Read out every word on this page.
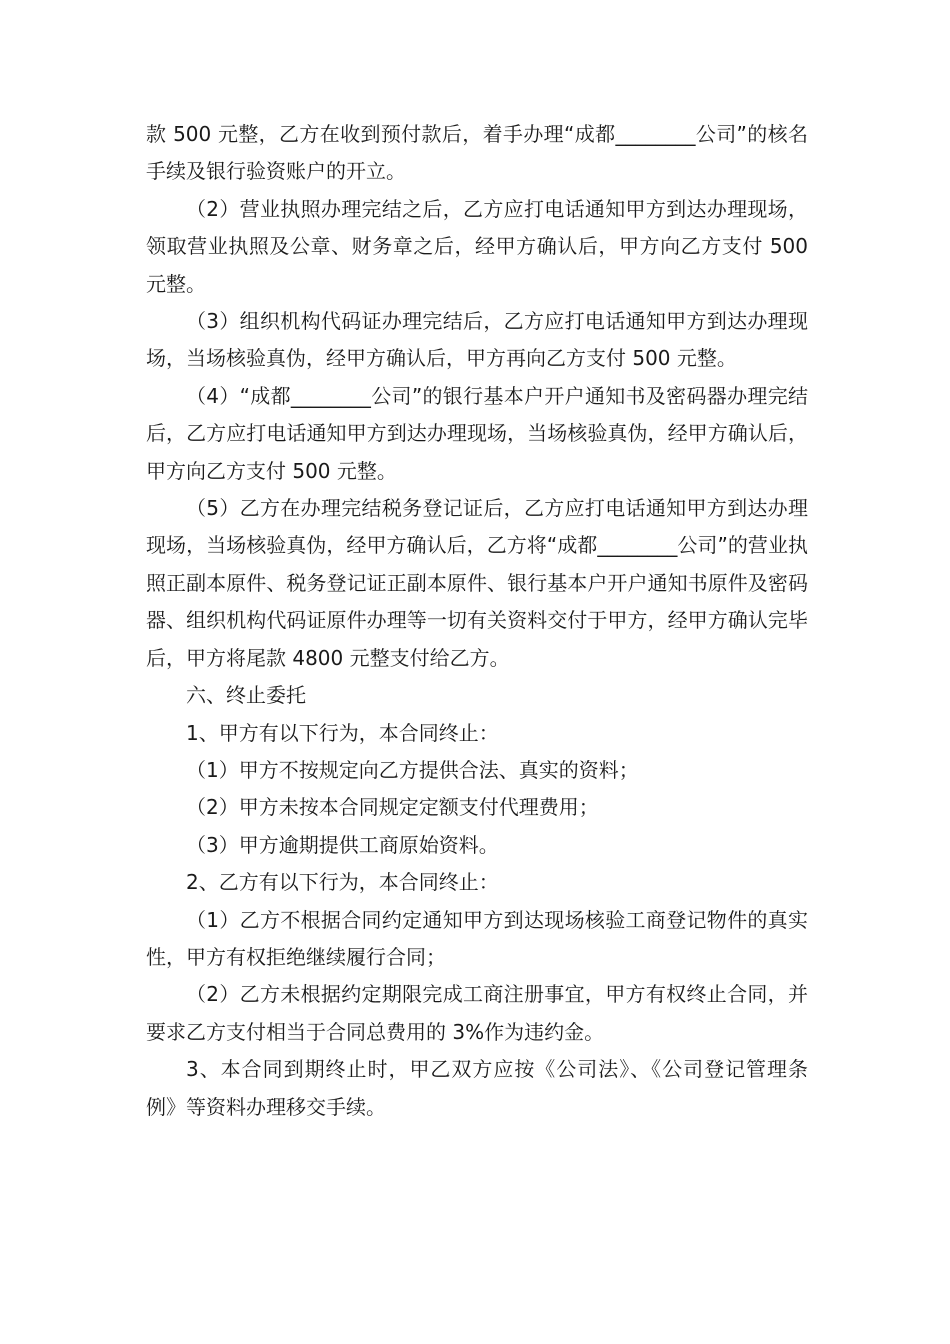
款 500 元整，乙方在收到预付款后，着手办理“成都________公司”的核名手续及银行验资账户的开立。

（2）营业执照办理完结之后，乙方应打电话通知甲方到达办理现场，领取营业执照及公章、财务章之后，经甲方确认后，甲方向乙方支付 500 元整。

（3）组织机构代码证办理完结后，乙方应打电话通知甲方到达办理现场，当场核验真伪，经甲方确认后，甲方再向乙方支付 500 元整。

（4）“成都________公司”的银行基本户开户通知书及密码器办理完结后，乙方应打电话通知甲方到达办理现场，当场核验真伪，经甲方确认后，甲方向乙方支付 500 元整。

（5）乙方在办理完结税务登记证后，乙方应打电话通知甲方到达办理现场，当场核验真伪，经甲方确认后，乙方将“成都________公司”的营业执照正副本原件、税务登记证正副本原件、银行基本户开户通知书原件及密码器、组织机构代码证原件办理等一切有关资料交付于甲方，经甲方确认完毕后，甲方将尾款 4800 元整支付给乙方。

六、终止委托

1、甲方有以下行为，本合同终止：

（1）甲方不按规定向乙方提供合法、真实的资料；

（2）甲方未按本合同规定定额支付代理费用；

（3）甲方逾期提供工商原始资料。

2、乙方有以下行为，本合同终止：

（1）乙方不根据合同约定通知甲方到达现场核验工商登记物件的真实性，甲方有权拒绝继续履行合同；

（2）乙方未根据约定期限完成工商注册事宜，甲方有权终止合同，并要求乙方支付相当于合同总费用的 3%作为违约金。

3、本合同到期终止时，甲乙双方应按《公司法》、《公司登记管理条例》等资料办理移交手续。
